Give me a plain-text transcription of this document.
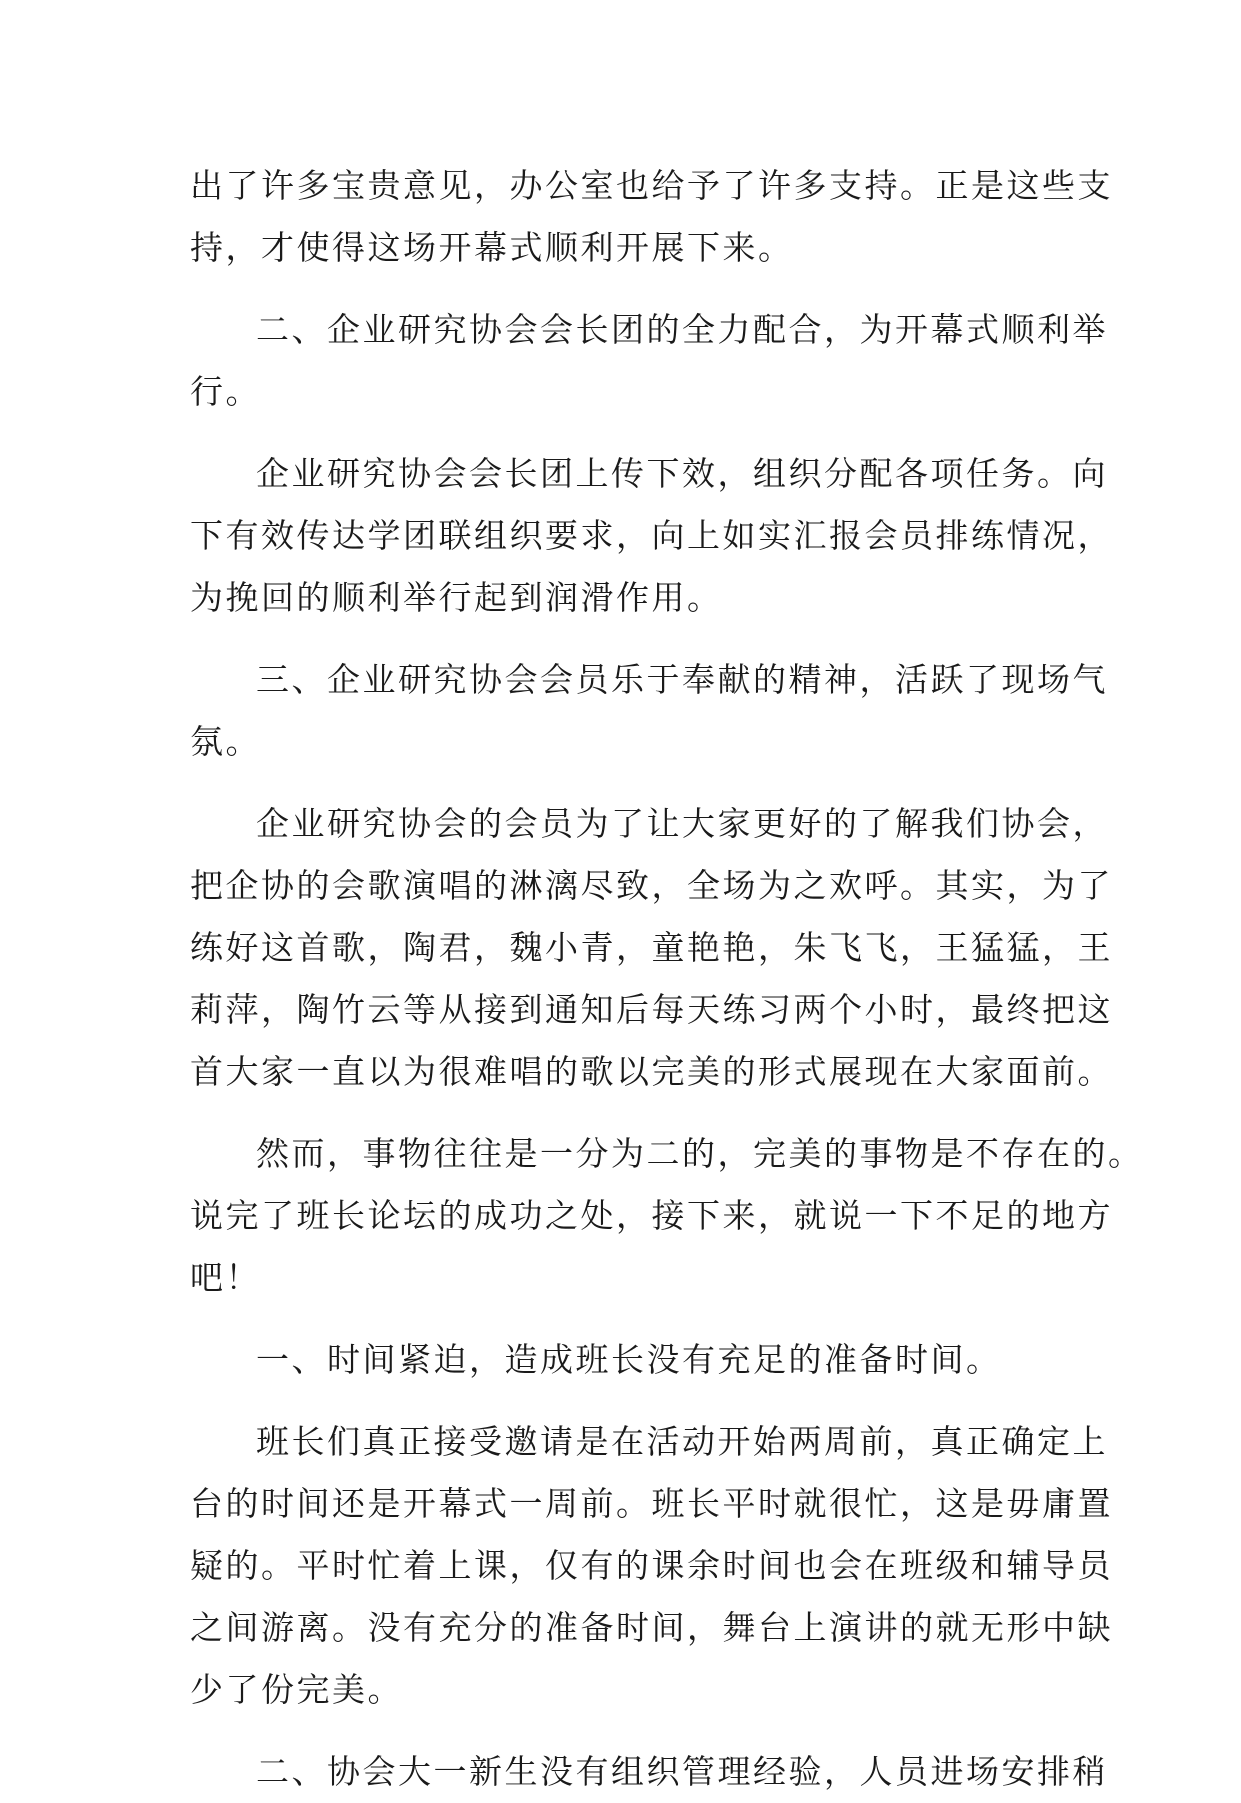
出了许多宝贵意见，办公室也给予了许多支持。正是这些支
持，才使得这场开幕式顺利开展下来。
二、企业研究协会会长团的全力配合，为开幕式顺利举
行。
企业研究协会会长团上传下效，组织分配各项任务。向
下有效传达学团联组织要求，向上如实汇报会员排练情况，
为挽回的顺利举行起到润滑作用。
三、企业研究协会会员乐于奉献的精神，活跃了现场气
氛。
企业研究协会的会员为了让大家更好的了解我们协会，
把企协的会歌演唱的淋漓尽致，全场为之欢呼。其实，为了
练好这首歌，陶君，魏小青，童艳艳，朱飞飞，王猛猛，王
莉萍，陶竹云等从接到通知后每天练习两个小时，最终把这
首大家一直以为很难唱的歌以完美的形式展现在大家面前。
然而，事物往往是一分为二的，完美的事物是不存在的。
说完了班长论坛的成功之处，接下来，就说一下不足的地方
吧！
一、时间紧迫，造成班长没有充足的准备时间。
班长们真正接受邀请是在活动开始两周前，真正确定上
台的时间还是开幕式一周前。班长平时就很忙，这是毋庸置
疑的。平时忙着上课，仅有的课余时间也会在班级和辅导员
之间游离。没有充分的准备时间，舞台上演讲的就无形中缺
少了份完美。
二、协会大一新生没有组织管理经验，人员进场安排稍
